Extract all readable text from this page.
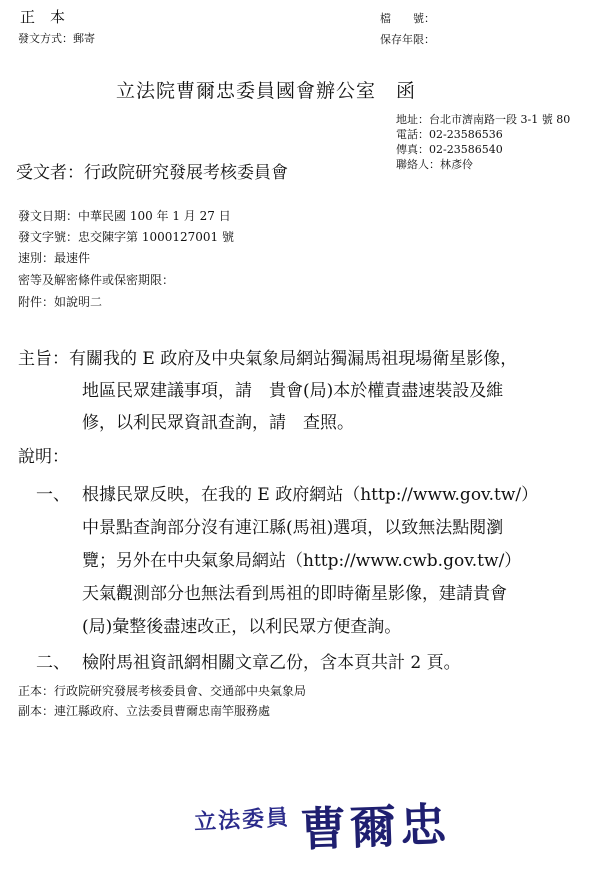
正　本
發文方式：郵寄
檔　　號：
保存年限：
立法院曹爾忠委員國會辦公室　函
地址：台北市濟南路一段 3-1 號 80
電話：02-23586536
傳真：02-23586540
聯絡人：林彥伶
受文者：行政院研究發展考核委員會
發文日期：中華民國 100 年 1 月 27 日
發文字號：忠交陳字第 1000127001 號
速別：最速件
密等及解密條件或保密期限：
附件：如說明二
主旨：有關我的 E 政府及中央氣象局網站獨漏馬祖現場衛星影像，
地區民眾建議事項，請　貴會(局)本於權責盡速裝設及維
修，以利民眾資訊查詢，請　查照。
說明：
一、 根據民眾反映，在我的 E 政府網站（http://www.gov.tw/）
中景點查詢部分沒有連江縣(馬祖)選項，以致無法點閱瀏
覽；另外在中央氣象局網站（http://www.cwb.gov.tw/）
天氣觀測部分也無法看到馬祖的即時衛星影像，建請貴會
(局)彙整後盡速改正，以利民眾方便查詢。
二、 檢附馬祖資訊網相關文章乙份，含本頁共計 2 頁。
正本：行政院研究發展考核委員會、交通部中央氣象局
副本：連江縣政府、立法委員曹爾忠南竿服務處
立法委員 曹爾忠
